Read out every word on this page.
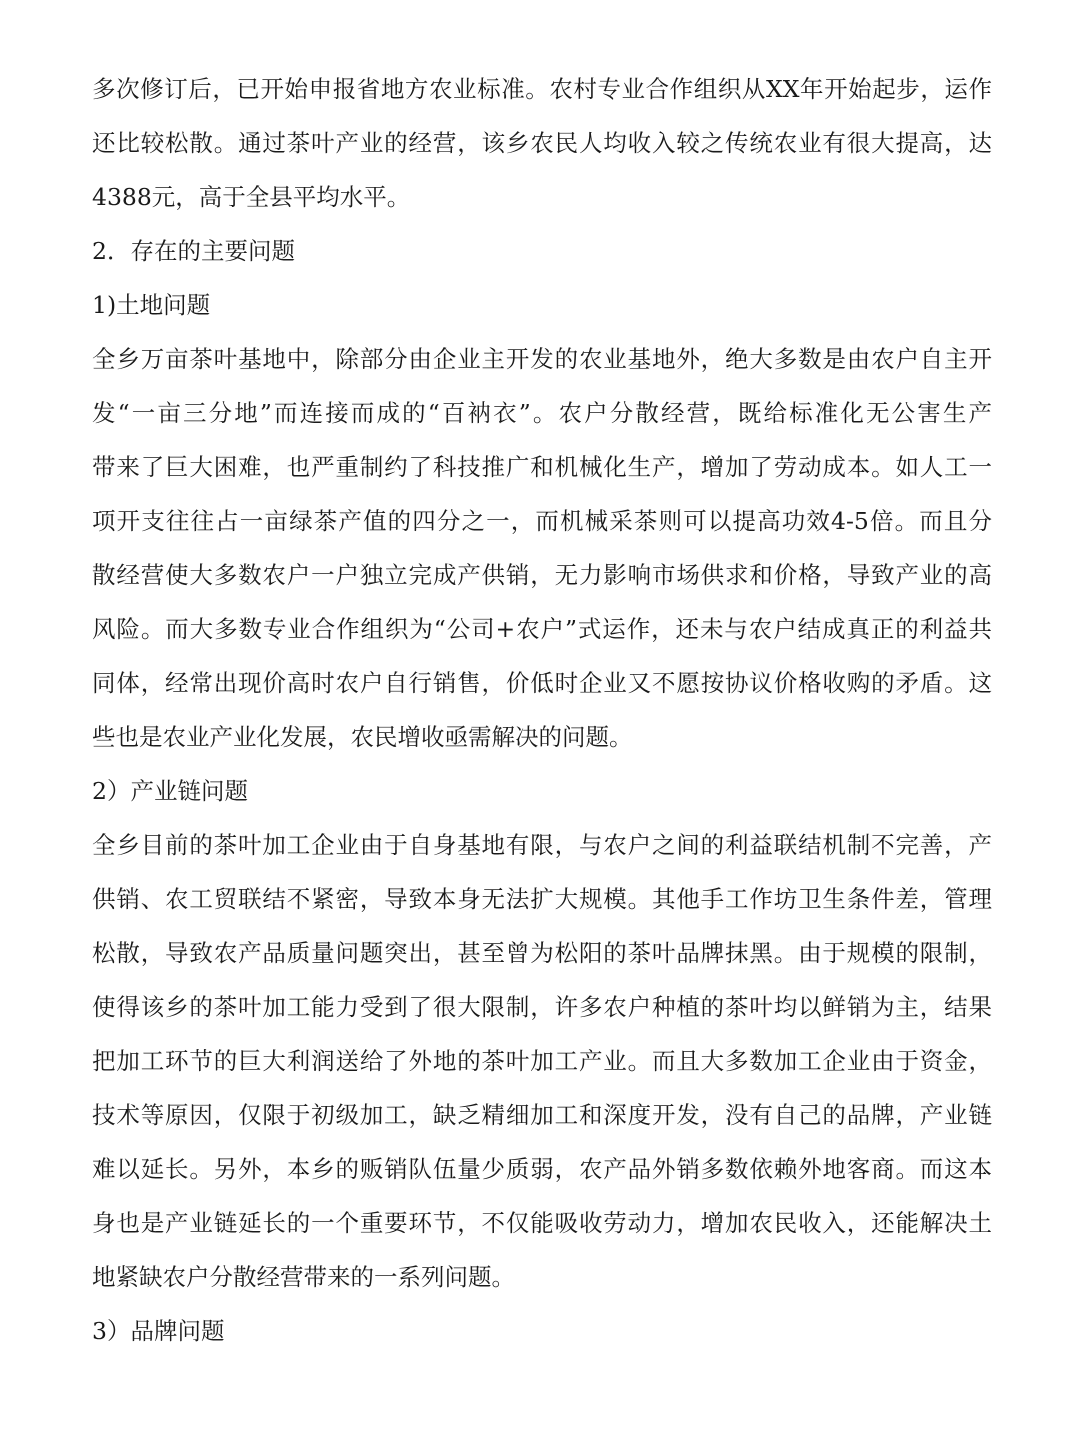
多次修订后，已开始申报省地方农业标准。农村专业合作组织从XX年开始起步，运作
还比较松散。通过茶叶产业的经营，该乡农民人均收入较之传统农业有很大提高，达
4388元，高于全县平均水平。
2．存在的主要问题
1)土地问题
全乡万亩茶叶基地中，除部分由企业主开发的农业基地外，绝大多数是由农户自主开
发“一亩三分地”而连接而成的“百衲衣”。农户分散经营，既给标准化无公害生产
带来了巨大困难，也严重制约了科技推广和机械化生产，增加了劳动成本。如人工一
项开支往往占一亩绿茶产值的四分之一，而机械采茶则可以提高功效4-5倍。而且分
散经营使大多数农户一户独立完成产供销，无力影响市场供求和价格，导致产业的高
风险。而大多数专业合作组织为“公司+农户”式运作，还未与农户结成真正的利益共
同体，经常出现价高时农户自行销售，价低时企业又不愿按协议价格收购的矛盾。这
些也是农业产业化发展，农民增收亟需解决的问题。
2）产业链问题
全乡目前的茶叶加工企业由于自身基地有限，与农户之间的利益联结机制不完善，产
供销、农工贸联结不紧密，导致本身无法扩大规模。其他手工作坊卫生条件差，管理
松散，导致农产品质量问题突出，甚至曾为松阳的茶叶品牌抹黑。由于规模的限制，
使得该乡的茶叶加工能力受到了很大限制，许多农户种植的茶叶均以鲜销为主，结果
把加工环节的巨大利润送给了外地的茶叶加工产业。而且大多数加工企业由于资金，
技术等原因，仅限于初级加工，缺乏精细加工和深度开发，没有自己的品牌，产业链
难以延长。另外，本乡的贩销队伍量少质弱，农产品外销多数依赖外地客商。而这本
身也是产业链延长的一个重要环节，不仅能吸收劳动力，增加农民收入，还能解决土
地紧缺农户分散经营带来的一系列问题。
3）品牌问题
